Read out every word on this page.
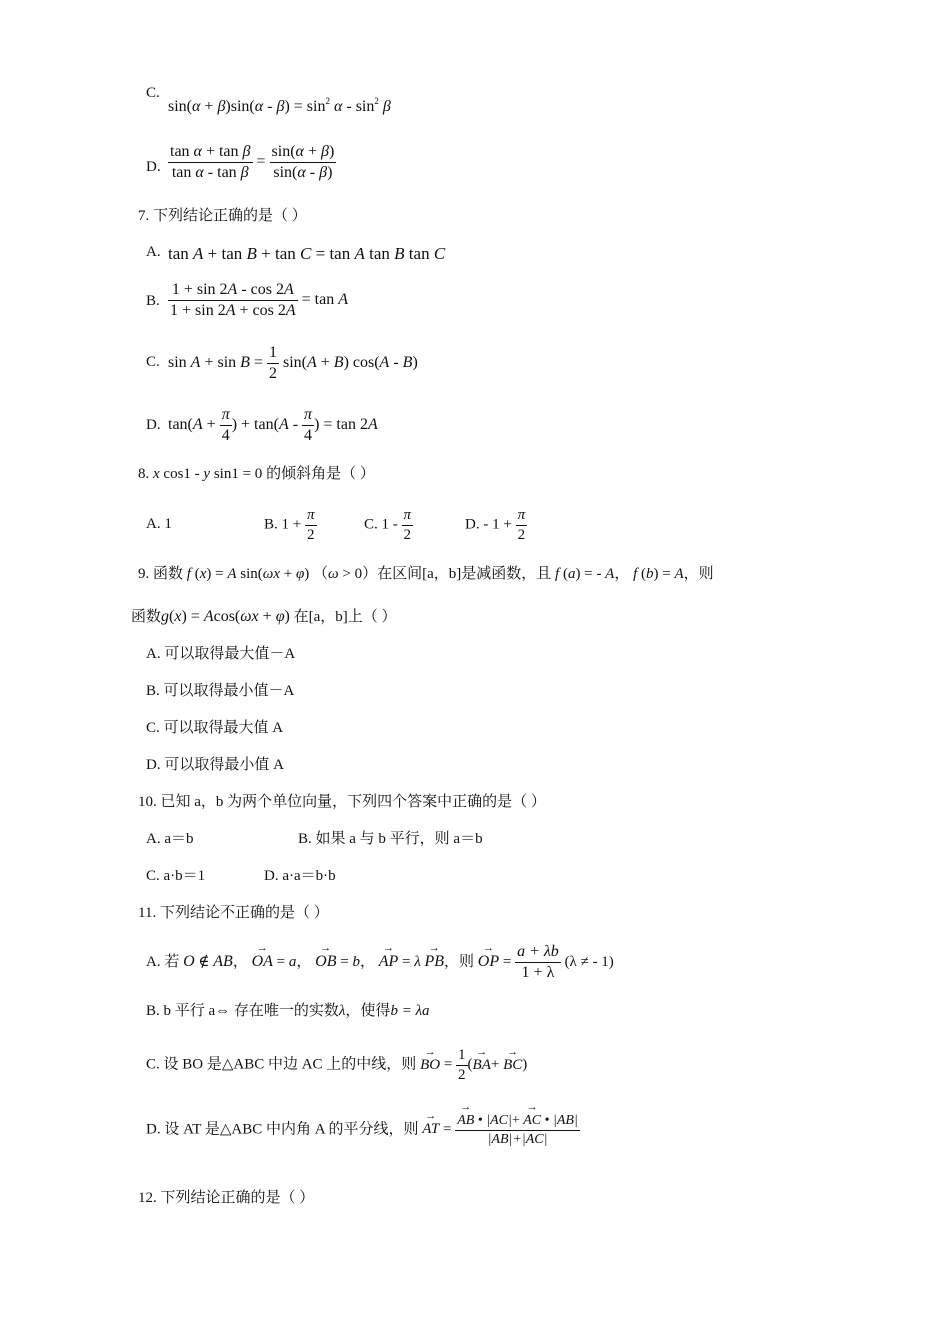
C.
$\sin(\alpha + \beta)\sin(\alpha - \beta) = \sin^2 \alpha - \sin^2 \beta$
D. $\frac{\text{tan α + tan β}}{\text{tan α - tan β}} = \frac{\sin(\alpha + \beta)}{\sin(\alpha - \beta)}$
7. 下列结论正确的是（ ）
A. tan A + tan B + tan C = tan A tan B tan C
B. $\frac{1 + \sin 2A - \cos 2A}{1 + \sin 2A + \cos 2A} = \tan A$
C. $\sin A + \sin B = \frac{1}{2} \sin(A + B)$ cos(A - B)
D. $\tan(A + \frac{\pi}{4}$ ) + $\tan(A - \frac{\pi}{4}$ ) = tan 2A
8. x cos1 - y sin1 = 0 的倾斜角是（ ）
A. 1	B. $1 + \frac{\pi}{2}$	C. $1 - \frac{\pi}{2}$	D. - $1 + \frac{\pi}{2}$
9. 函数 f (x) = A sin(ωx + φ) （ω > 0）在区间[a，b]是减函数，且 f (a) = - A， f (b) = A，则
函数g(x) = Acos(ωx + φ) 在[a，b]上（ ）
A. 可以取得最大值－A
B. 可以取得最小值－A
C. 可以取得最大值 A
D. 可以取得最小值 A
10. 已知 a，b 为两个单位向量，下列四个答案中正确的是（ ）
A. a＝b	B. 如果 a 与 b 平行，则 a＝b
C. a·b＝1	D. a·a＝b·b
11. 下列结论不正确的是（ ）
A. 若 O ∉ AB， → OA = a， → OB = b， → AP = λ → PB，则 → OP = $\frac{a + \lambda b}{1 + \lambda} (\lambda$ ≠ - 1)
B. b 平行 a⇔ 存在唯一的实数λ，使得b = λa
C. 设 BO 是△ABC 中边 AC 上的中线，则 → BO = $\frac{1}{2}$ (→ BA+ → BC)
D. 设 AT 是△ABC 中内角 A 的平分线，则 → AT = → $\frac{AB • |AC|+ \to AC • |AB|}{|AB|+|AC|}$
12. 下列结论正确的是（ ）
